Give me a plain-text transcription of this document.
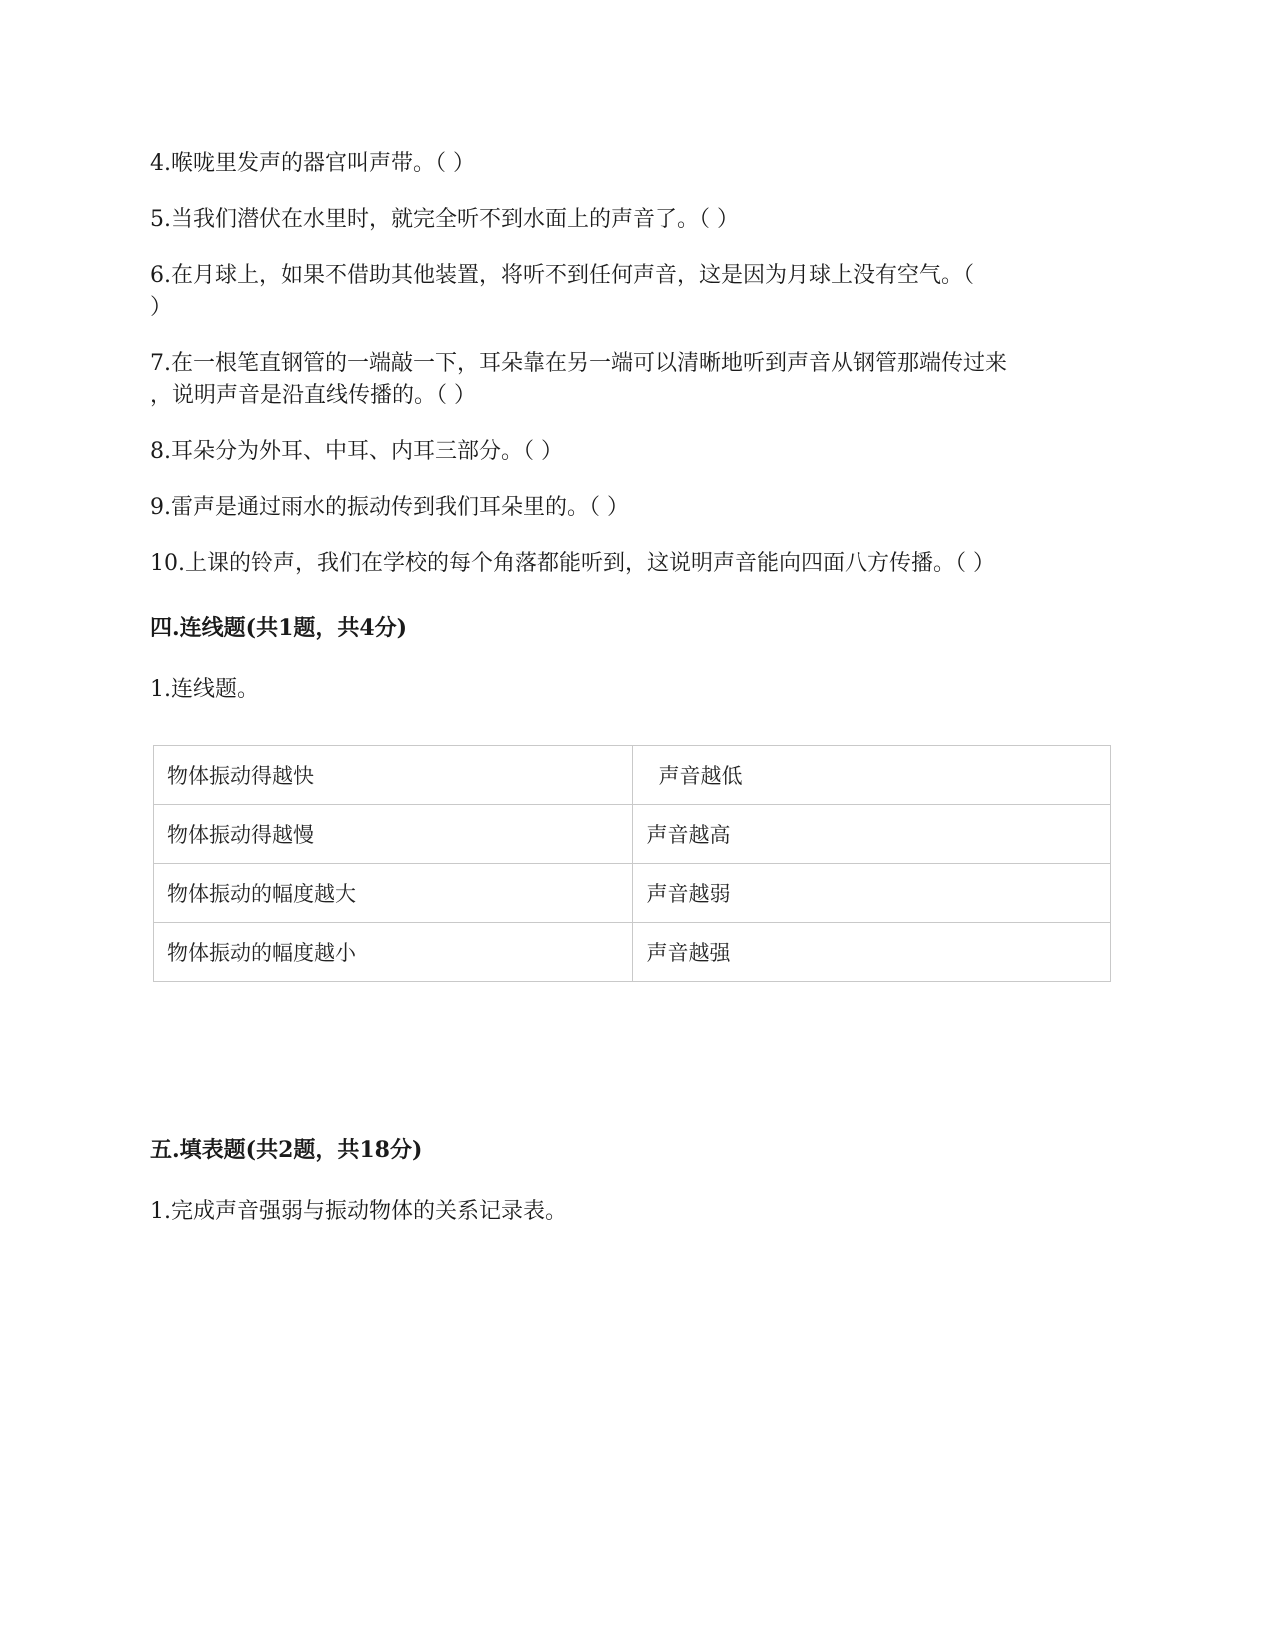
4.喉咙里发声的器官叫声带。（ ）
5.当我们潜伏在水里时，就完全听不到水面上的声音了。（ ）
6.在月球上，如果不借助其他装置，将听不到任何声音，这是因为月球上没有空气。（
）
7.在一根笔直钢管的一端敲一下，耳朵靠在另一端可以清晰地听到声音从钢管那端传过来
，说明声音是沿直线传播的。（ ）
8.耳朵分为外耳、中耳、内耳三部分。（ ）
9.雷声是通过雨水的振动传到我们耳朵里的。（ ）
10.上课的铃声，我们在学校的每个角落都能听到，这说明声音能向四面八方传播。（ ）
四.连线题(共1题，共4分)
1.连线题。
物体振动得越快	声音越低
物体振动得越慢	声音越高
物体振动的幅度越大	声音越弱
物体振动的幅度越小	声音越强
五.填表题(共2题，共18分)
1.完成声音强弱与振动物体的关系记录表。
